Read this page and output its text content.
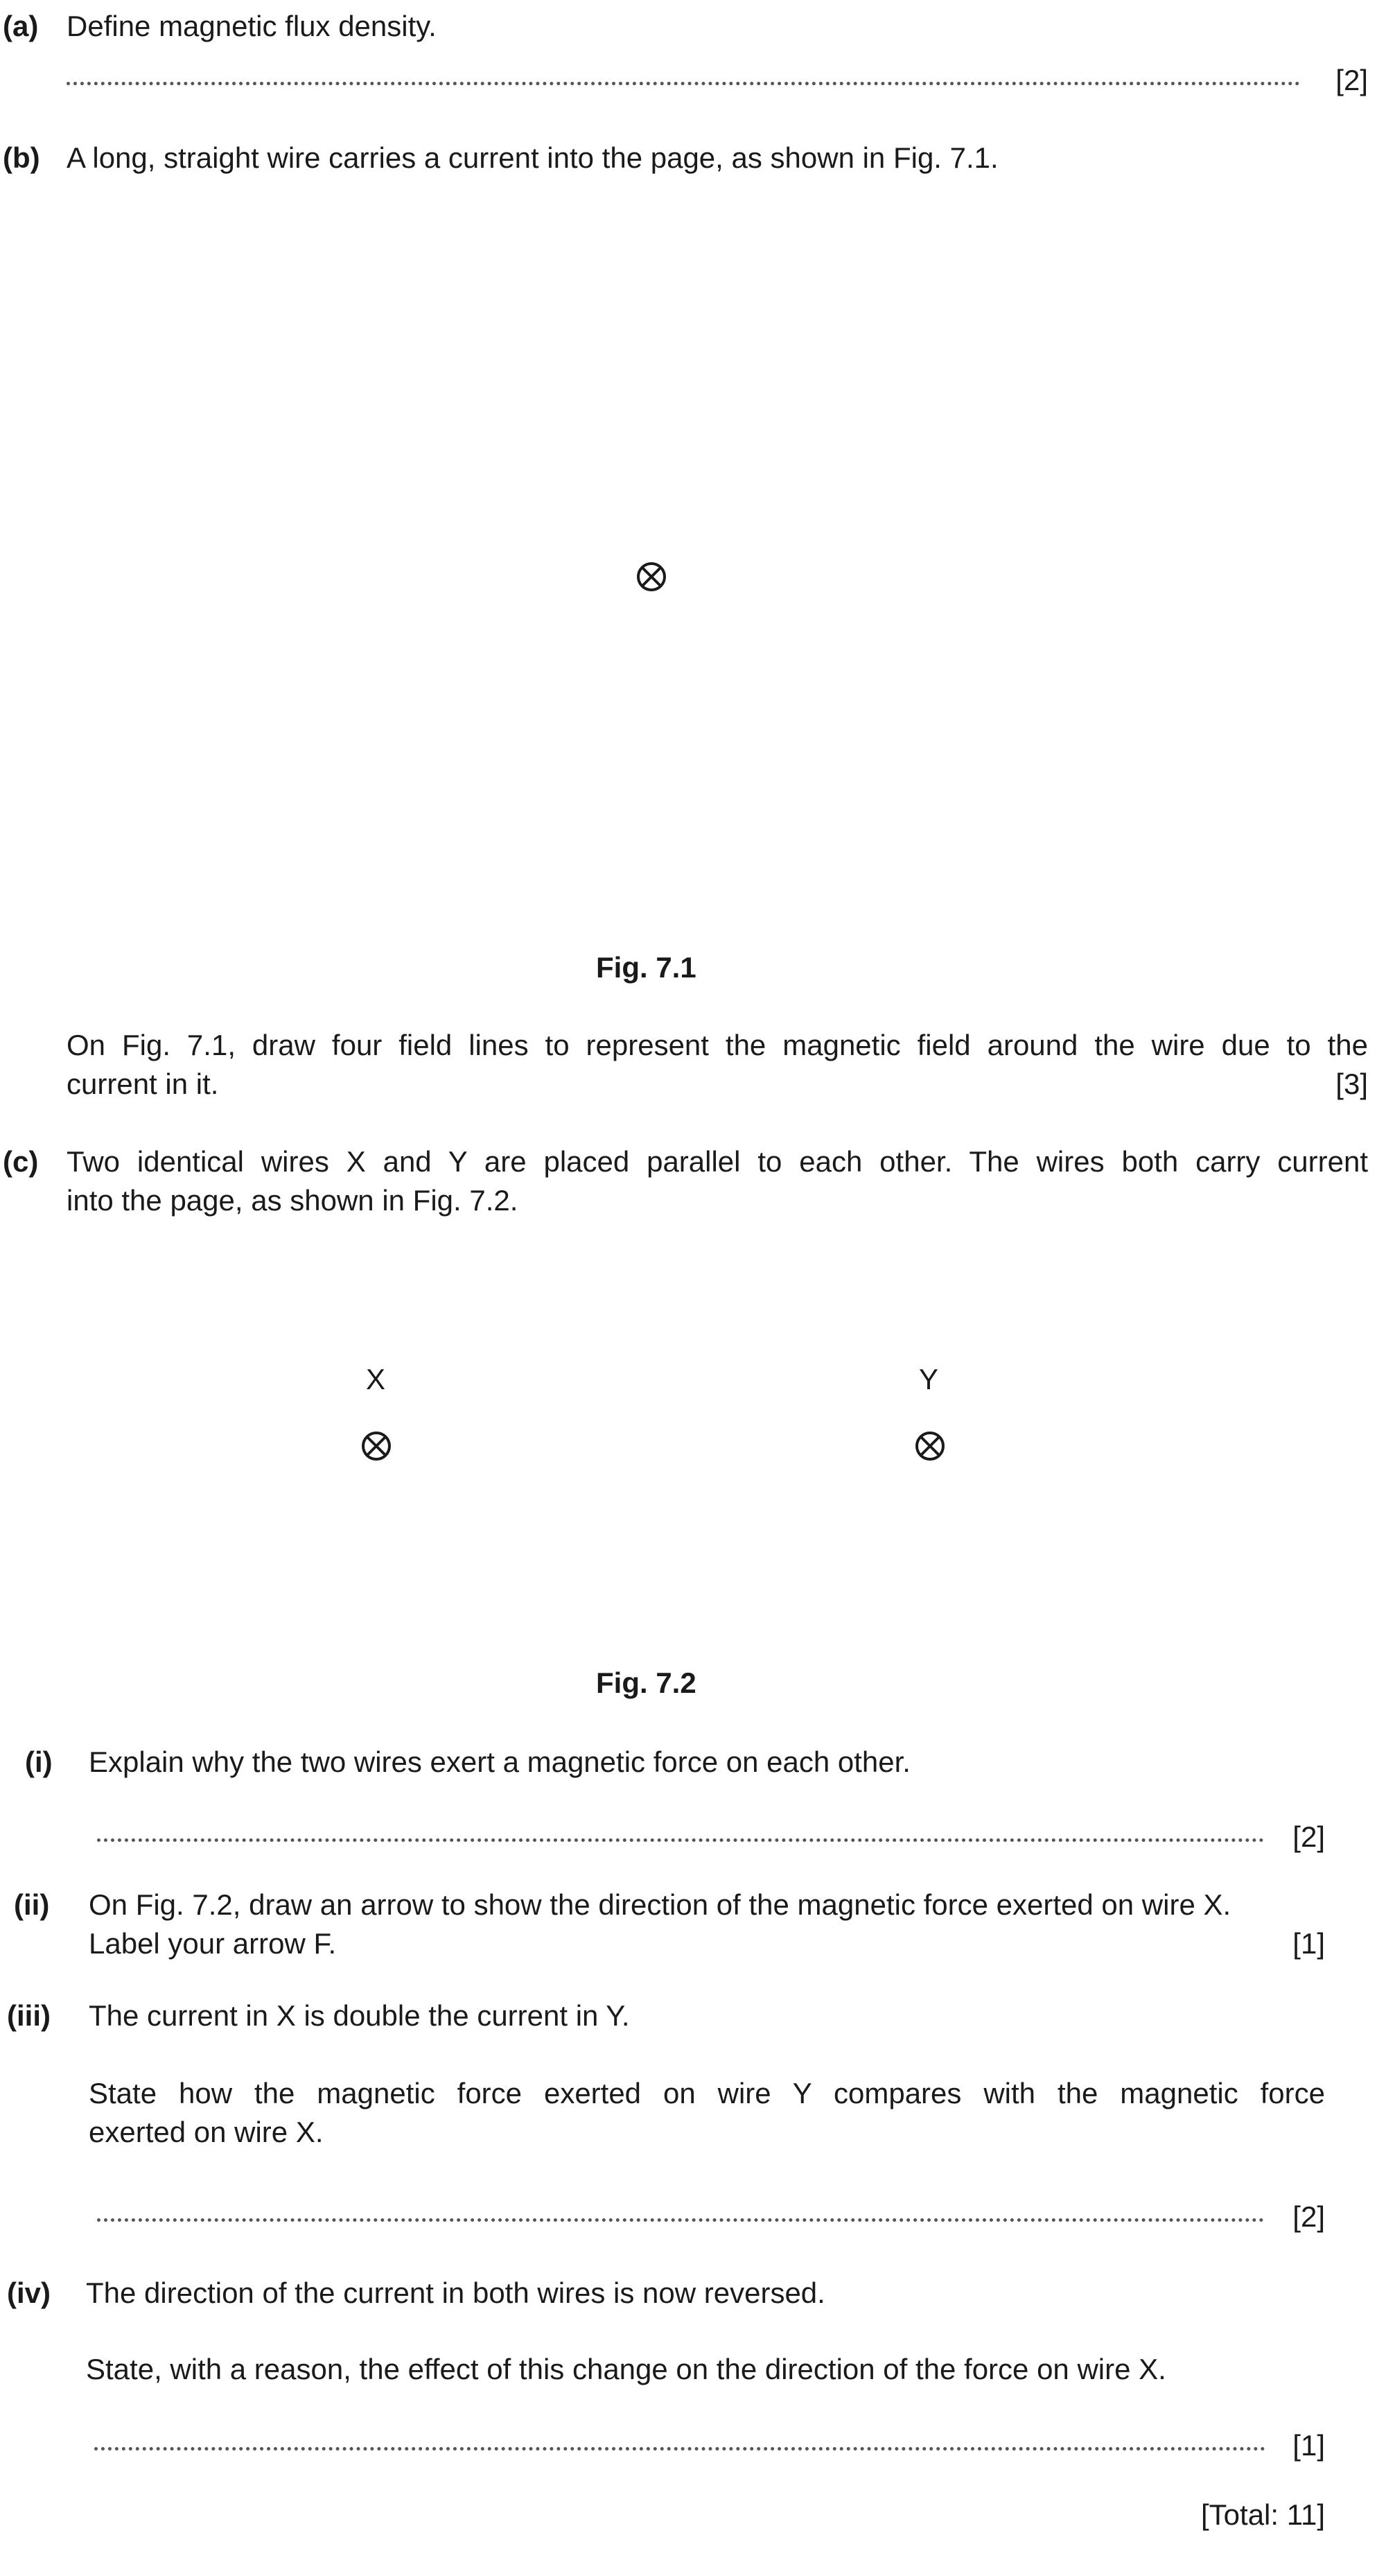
(a) Define magnetic flux density.
[2]
(b) A long, straight wire carries a current into the page, as shown in Fig. 7.1.
Fig. 7.1
On Fig. 7.1, draw four field lines to represent the magnetic field around the wire due to the
current in it.	[3]
(c) Two identical wires X and Y are placed parallel to each other. The wires both carry current
into the page, as shown in Fig. 7.2.
X	Y
Fig. 7.2
(i) Explain why the two wires exert a magnetic force on each other.
[2]
(ii) On Fig. 7.2, draw an arrow to show the direction of the magnetic force exerted on wire X.
Label your arrow F.	[1]
(iii) The current in X is double the current in Y.
State how the magnetic force exerted on wire Y compares with the magnetic force
exerted on wire X.
[2]
(iv) The direction of the current in both wires is now reversed.
State, with a reason, the effect of this change on the direction of the force on wire X.
[1]
[Total: 11]
